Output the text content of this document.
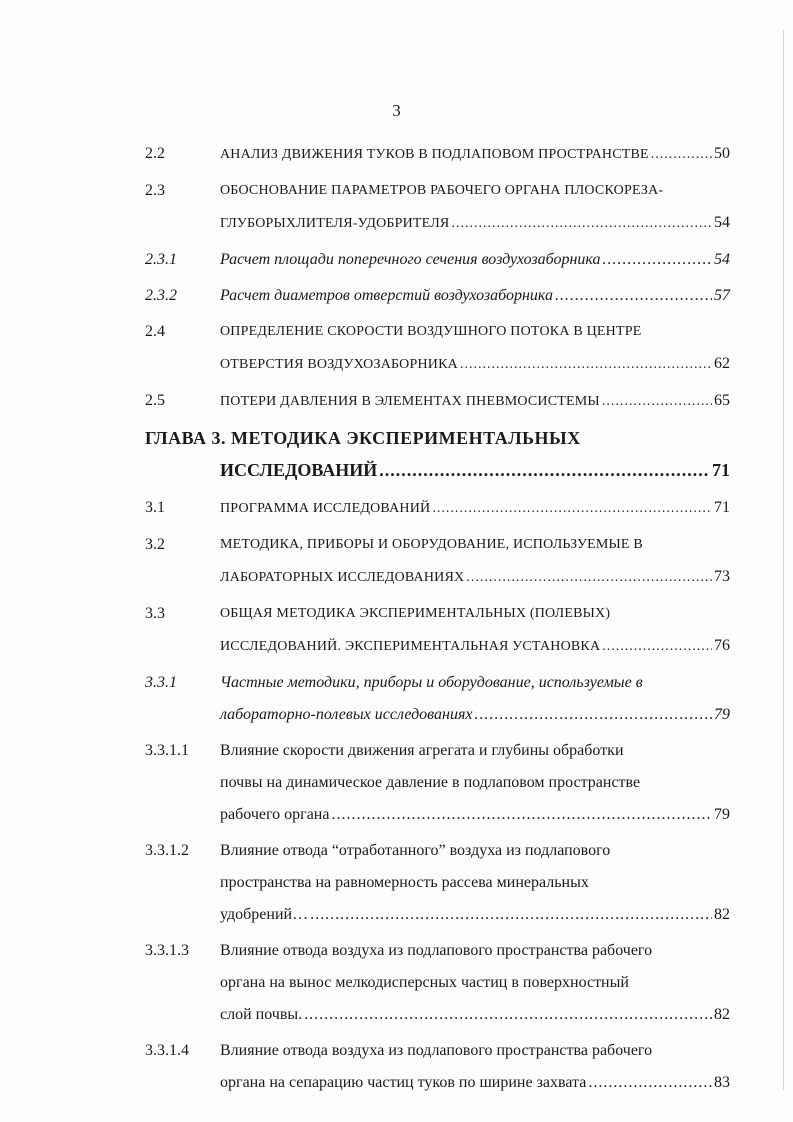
3
2.2	АНАЛИЗ ДВИЖЕНИЯ ТУКОВ В ПОДЛАПОВОМ ПРОСТРАНСТВЕ .....	50
2.3	ОБОСНОВАНИЕ ПАРАМЕТРОВ РАБОЧЕГО ОРГАНА ПЛОСКОРЕЗА-
ГЛУБОРЫХЛИТЕЛЯ-УДОБРИТЕЛЯ .....	54
2.3.1	Расчет площади поперечного сечения воздухозаборника .....	54
2.3.2	Расчет диаметров отверстий воздухозаборника .....	57
2.4	ОПРЕДЕЛЕНИЕ СКОРОСТИ ВОЗДУШНОГО ПОТОКА В ЦЕНТРЕ
ОТВЕРСТИЯ ВОЗДУХОЗАБОРНИКА .....	62
2.5	ПОТЕРИ ДАВЛЕНИЯ В ЭЛЕМЕНТАХ ПНЕВМОСИСТЕМЫ .....	65
ГЛАВА 3. МЕТОДИКА ЭКСПЕРИМЕНТАЛЬНЫХ
ИССЛЕДОВАНИЙ .....	71
3.1	ПРОГРАММА ИССЛЕДОВАНИЙ .....	71
3.2	МЕТОДИКА, ПРИБОРЫ И ОБОРУДОВАНИЕ, ИСПОЛЬЗУЕМЫЕ В
ЛАБОРАТОРНЫХ ИССЛЕДОВАНИЯХ .....	73
3.3	ОБЩАЯ МЕТОДИКА ЭКСПЕРИМЕНТАЛЬНЫХ (ПОЛЕВЫХ)
ИССЛЕДОВАНИЙ. ЭКСПЕРИМЕНТАЛЬНАЯ УСТАНОВКА .....	76
3.3.1	Частные методики, приборы и оборудование, используемые в
лабораторно-полевых исследованиях .....	79
3.3.1.1	Влияние скорости движения агрегата и глубины обработки
почвы на динамическое давление в подлаповом пространстве
рабочего органа .....	79
3.3.1.2	Влияние отвода “отработанного” воздуха из подлапового
пространства на равномерность рассева минеральных
удобрений… .....	82
3.3.1.3	Влияние отвода воздуха из подлапового пространства рабочего
органа на вынос мелкодисперсных частиц в поверхностный
слой почвы. .....	82
3.3.1.4	Влияние отвода воздуха из подлапового пространства рабочего
органа на сепарацию частиц туков по ширине захвата .....	83
